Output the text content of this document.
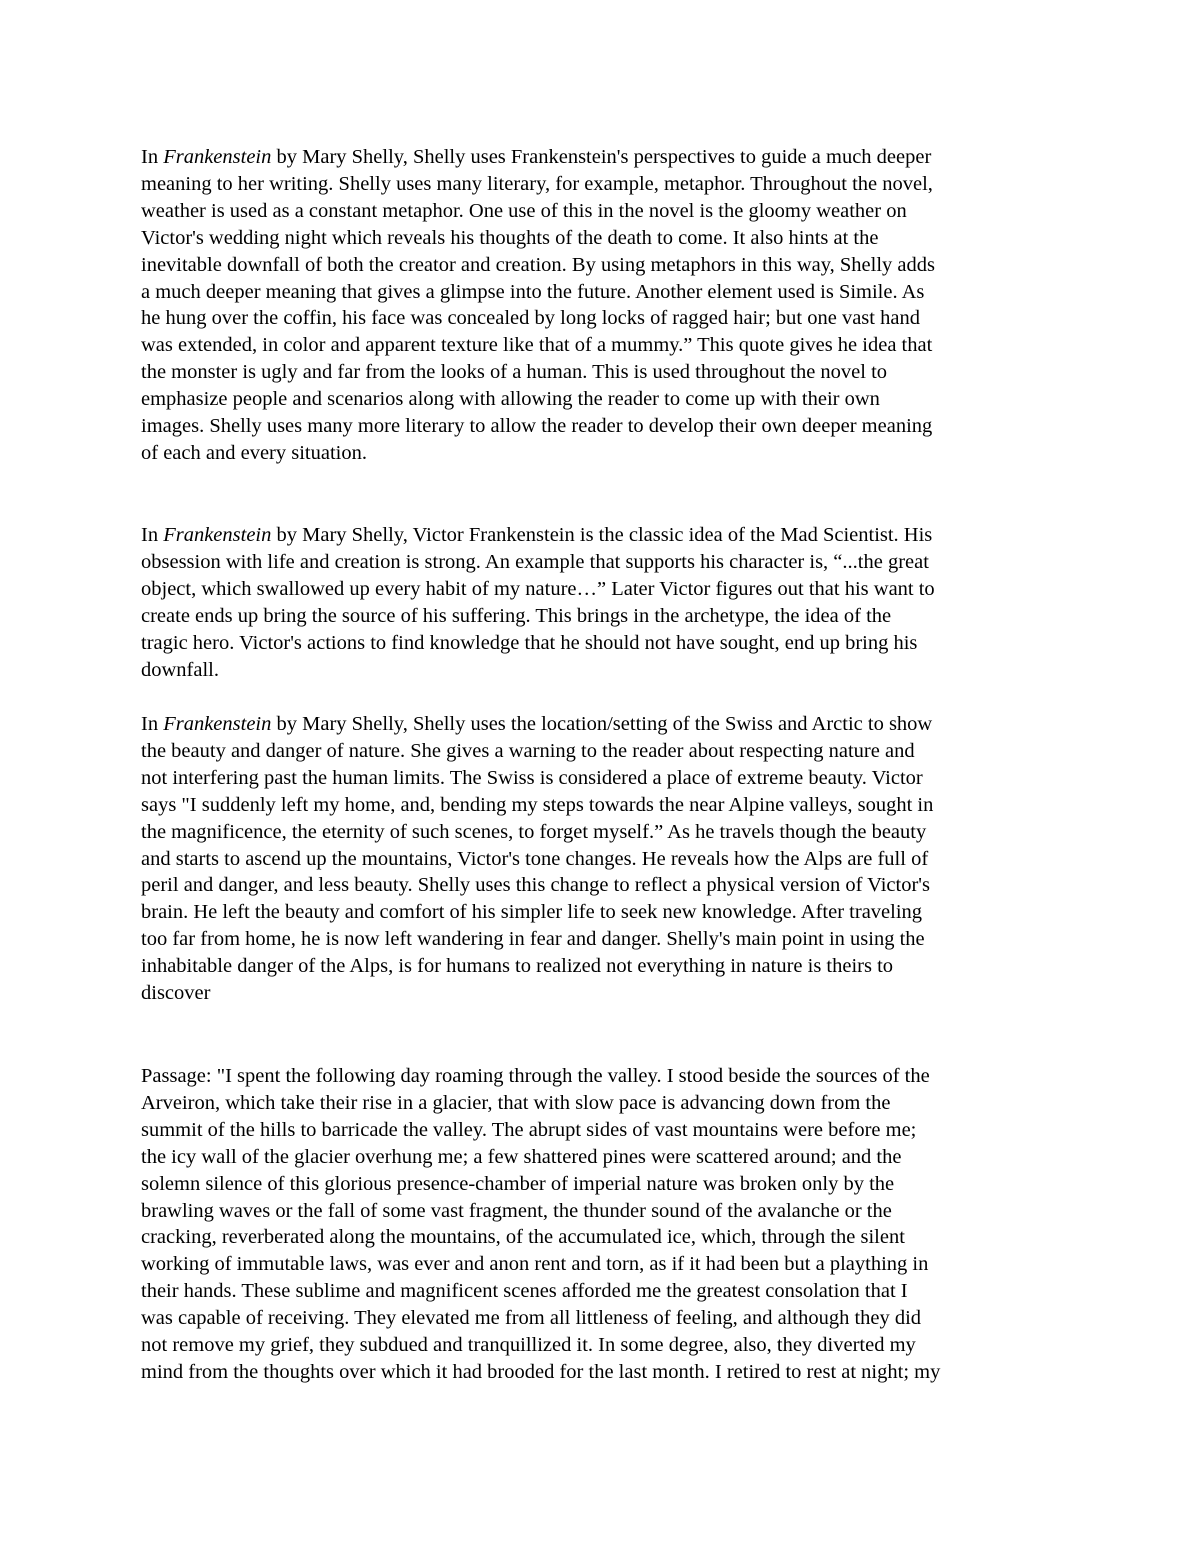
In Frankenstein by Mary Shelly, Shelly uses Frankenstein's perspectives to guide a much deeper
meaning to her writing. Shelly uses many literary, for example, metaphor. Throughout the novel,
weather is used as a constant metaphor. One use of this in the novel is the gloomy weather on
Victor's wedding night which reveals his thoughts of the death to come. It also hints at the
inevitable downfall of both the creator and creation. By using metaphors in this way, Shelly adds
a much deeper meaning that gives a glimpse into the future. Another element used is Simile. As
he hung over the coffin, his face was concealed by long locks of ragged hair; but one vast hand
was extended, in color and apparent texture like that of a mummy.” This quote gives he idea that
the monster is ugly and far from the looks of a human. This is used throughout the novel to
emphasize people and scenarios along with allowing the reader to come up with their own
images. Shelly uses many more literary to allow the reader to develop their own deeper meaning
of each and every situation.
In Frankenstein by Mary Shelly, Victor Frankenstein is the classic idea of the Mad Scientist. His
obsession with life and creation is strong. An example that supports his character is, “...the great
object, which swallowed up every habit of my nature…” Later Victor figures out that his want to
create ends up bring the source of his suffering. This brings in the archetype, the idea of the
tragic hero. Victor's actions to find knowledge that he should not have sought, end up bring his
downfall.
In Frankenstein by Mary Shelly, Shelly uses the location/setting of the Swiss and Arctic to show
the beauty and danger of nature. She gives a warning to the reader about respecting nature and
not interfering past the human limits. The Swiss is considered a place of extreme beauty. Victor
says "I suddenly left my home, and, bending my steps towards the near Alpine valleys, sought in
the magnificence, the eternity of such scenes, to forget myself.” As he travels though the beauty
and starts to ascend up the mountains, Victor's tone changes. He reveals how the Alps are full of
peril and danger, and less beauty. Shelly uses this change to reflect a physical version of Victor's
brain. He left the beauty and comfort of his simpler life to seek new knowledge. After traveling
too far from home, he is now left wandering in fear and danger. Shelly's main point in using the
inhabitable danger of the Alps, is for humans to realized not everything in nature is theirs to
discover
Passage: "I spent the following day roaming through the valley. I stood beside the sources of the
Arveiron, which take their rise in a glacier, that with slow pace is advancing down from the
summit of the hills to barricade the valley. The abrupt sides of vast mountains were before me;
the icy wall of the glacier overhung me; a few shattered pines were scattered around; and the
solemn silence of this glorious presence-chamber of imperial nature was broken only by the
brawling waves or the fall of some vast fragment, the thunder sound of the avalanche or the
cracking, reverberated along the mountains, of the accumulated ice, which, through the silent
working of immutable laws, was ever and anon rent and torn, as if it had been but a plaything in
their hands. These sublime and magnificent scenes afforded me the greatest consolation that I
was capable of receiving. They elevated me from all littleness of feeling, and although they did
not remove my grief, they subdued and tranquillized it. In some degree, also, they diverted my
mind from the thoughts over which it had brooded for the last month. I retired to rest at night; my
